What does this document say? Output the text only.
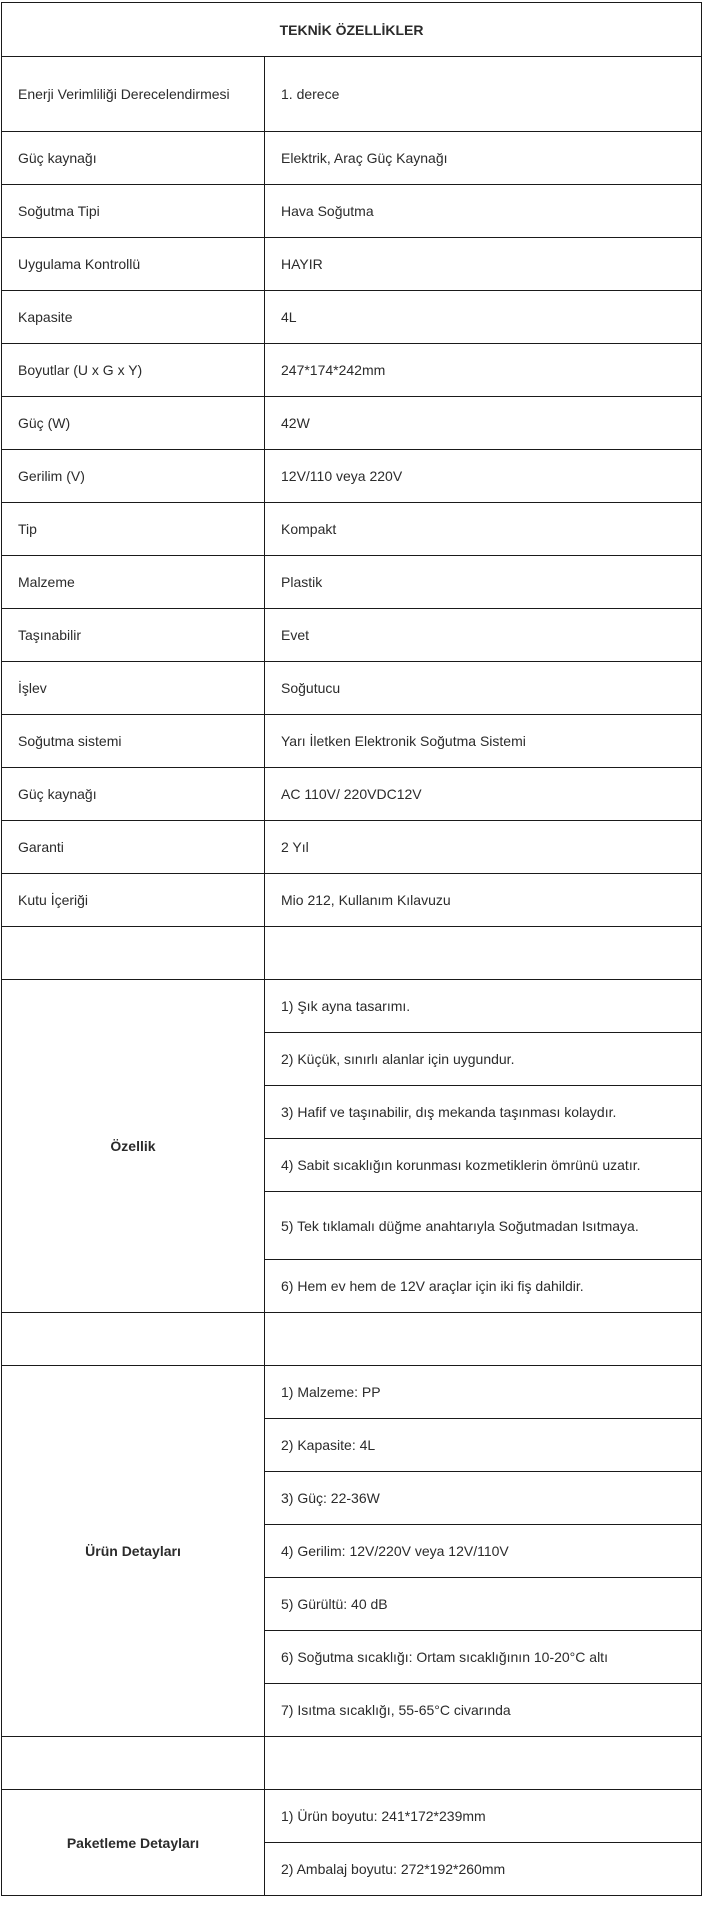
TEKNİK ÖZELLİKLER	
Enerji Verimliliği Derecelendirmesi	1. derece
Güç kaynağı	Elektrik, Araç Güç Kaynağı
Soğutma Tipi	Hava Soğutma
Uygulama Kontrollü	HAYIR
Kapasite	4L
Boyutlar (U x G x Y)	247*174*242mm
Güç (W)	42W
Gerilim (V)	12V/110 veya 220V
Tip	Kompakt
Malzeme	Plastik
Taşınabilir	Evet
İşlev	Soğutucu
Soğutma sistemi	Yarı İletken Elektronik Soğutma Sistemi
Güç kaynağı	AC 110V/ 220VDC12V
Garanti	2 Yıl
Kutu İçeriği	Mio 212, Kullanım Kılavuzu

Özellik	1) Şık ayna tasarımı.
	2) Küçük, sınırlı alanlar için uygundur.
	3) Hafif ve taşınabilir, dış mekanda taşınması kolaydır.
	4) Sabit sıcaklığın korunması kozmetiklerin ömrünü uzatır.
	5) Tek tıklamalı düğme anahtarıyla Soğutmadan Isıtmaya.
	6) Hem ev hem de 12V araçlar için iki fiş dahildir.

Ürün Detayları	1) Malzeme: PP
	2) Kapasite: 4L
	3) Güç: 22-36W
	4) Gerilim: 12V/220V veya 12V/110V
	5) Gürültü: 40 dB
	6) Soğutma sıcaklığı: Ortam sıcaklığının 10-20°C altı
	7) Isıtma sıcaklığı, 55-65°C civarında

Paketleme Detayları	1) Ürün boyutu: 241*172*239mm
	2) Ambalaj boyutu: 272*192*260mm
